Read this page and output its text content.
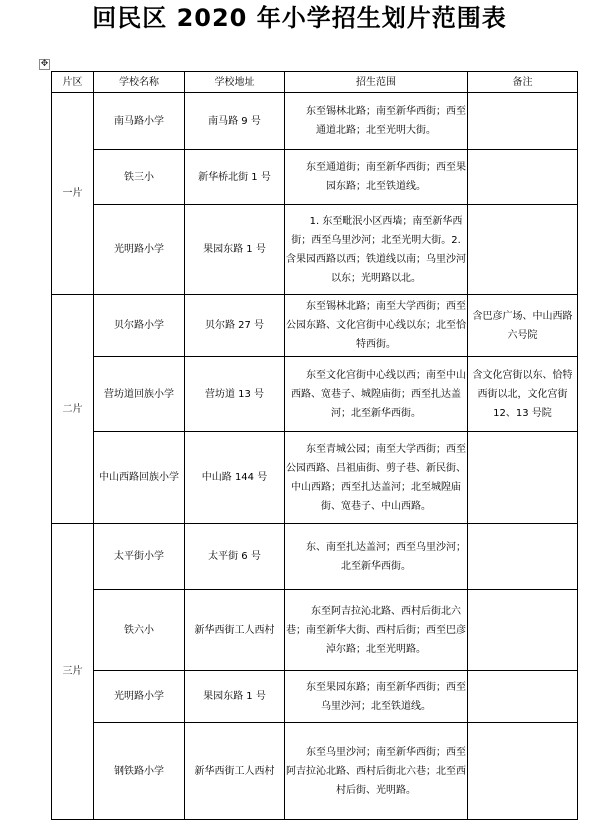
回民区 2020 年小学招生划片范围表
✥
片区	学校名称	学校地址	招生范围	备注
一片	南马路小学	南马路 9 号	　　东至锡林北路；南至新华西街；西至通道北路；北至光明大街。	
	铁三小	新华桥北街 1 号	　　东至通道街；南至新华西街；西至果园东路；北至铁道线。	
	光明路小学	果园东路 1 号	　　1. 东至毗泯小区西墙；南至新华西街；西至乌里沙河；北至光明大街。2. 含果园西路以西；铁道线以南；乌里沙河以东；光明路以北。	
二片	贝尔路小学	贝尔路 27 号	　　东至锡林北路；南至大学西街；西至公园东路、文化宫街中心线以东；北至恰特西街。	含巴彦广场、中山西路六号院
	营坊道回族小学	营坊道 13 号	　　东至文化宫街中心线以西；南至中山西路、宽巷子、城隍庙街；西至扎达盖河；北至新华西街。	含文化宫街以东、恰特西街以北，文化宫街 12、13 号院
	中山西路回族小学	中山路 144 号	　　东至青城公园；南至大学西街；西至公园西路、吕祖庙街、剪子巷、新民街、中山西路；西至扎达盖河；北至城隍庙街、宽巷子、中山西路。	
三片	太平街小学	太平街 6 号	　　东、南至扎达盖河；西至乌里沙河；北至新华西街。	
	铁六小	新华西街工人西村	　　东至阿吉拉沁北路、西村后街北六巷；南至新华大街、西村后街；西至巴彦淖尔路；北至光明路。	
	光明路小学	果园东路 1 号	　　东至果园东路；南至新华西街；西至乌里沙河；北至铁道线。	
	钢铁路小学	新华西街工人西村	　　东至乌里沙河；南至新华西街；西至阿吉拉沁北路、西村后街北六巷；北至西村后街、光明路。	
